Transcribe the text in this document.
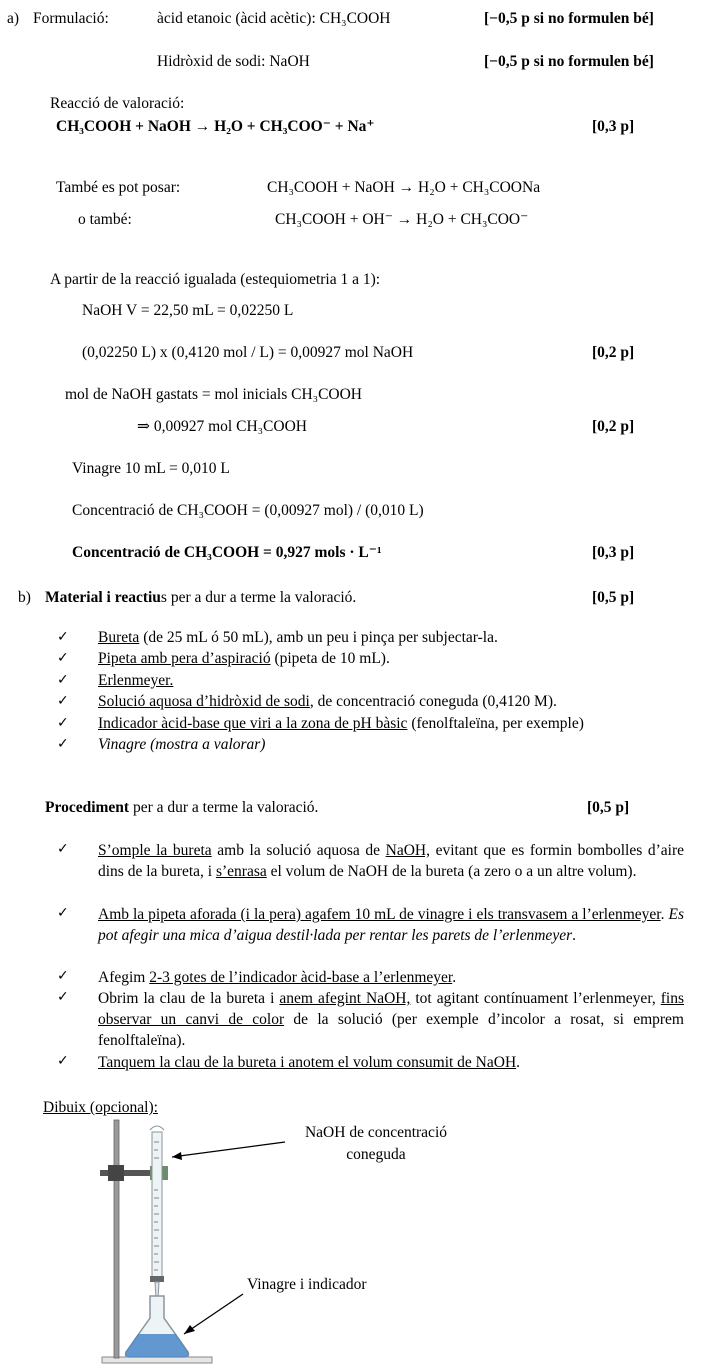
a) Formulació:	àcid etanoic (àcid acètic): CH₃COOH	[−0,5 p si no formulen bé]
Hidròxid de sodi: NaOH	[−0,5 p si no formulen bé]
Reacció de valoració:
CH₃COOH + NaOH → H₂O + CH₃COO⁻ + Na⁺	[0,3 p]
També es pot posar:	CH₃COOH + NaOH → H₂O + CH₃COONa
o també:	CH₃COOH + OH⁻ → H₂O + CH₃COO⁻
A partir de la reacció igualada (estequiometria 1 a 1):
NaOH V = 22,50 mL = 0,02250 L
(0,02250 L) x (0,4120 mol / L) = 0,00927 mol NaOH	[0,2 p]
mol de NaOH gastats = mol inicials CH₃COOH
⇒ 0,00927 mol CH₃COOH	[0,2 p]
Vinagre 10 mL = 0,010 L
Concentració de CH₃COOH = (0,00927 mol) / (0,010 L)
Concentració de CH₃COOH = 0,927 mols · L⁻¹	[0,3 p]
b) Material i reactius per a dur a terme la valoració.	[0,5 p]
✓ Bureta (de 25 mL ó 50 mL), amb un peu i pinça per subjectar-la.
✓ Pipeta amb pera d’aspiració (pipeta de 10 mL).
✓ Erlenmeyer.
✓ Solució aquosa d’hidròxid de sodi, de concentració coneguda (0,4120 M).
✓ Indicador àcid-base que viri a la zona de pH bàsic (fenolftaleïna, per exemple)
✓ Vinagre (mostra a valorar)
Procediment per a dur a terme la valoració.	[0,5 p]
✓ S’omple la bureta amb la solució aquosa de NaOH, evitant que es formin bombolles d’aire dins de la bureta, i s’enrasa el volum de NaOH de la bureta (a zero o a un altre volum).
✓ Amb la pipeta aforada (i la pera) agafem 10 mL de vinagre i els transvasem a l’erlenmeyer. Es pot afegir una mica d’aigua destil·lada per rentar les parets de l’erlenmeyer.
✓ Afegim 2-3 gotes de l’indicador àcid-base a l’erlenmeyer.
✓ Obrim la clau de la bureta i anem afegint NaOH, tot agitant contínuament l’erlenmeyer, fins observar un canvi de color de la solució (per exemple d’incolor a rosat, si emprem fenolftaleïna).
✓ Tanquem la clau de la bureta i anotem el volum consumit de NaOH.
Dibuix (opcional):
NaOH de concentració
coneguda
Vinagre i indicador
